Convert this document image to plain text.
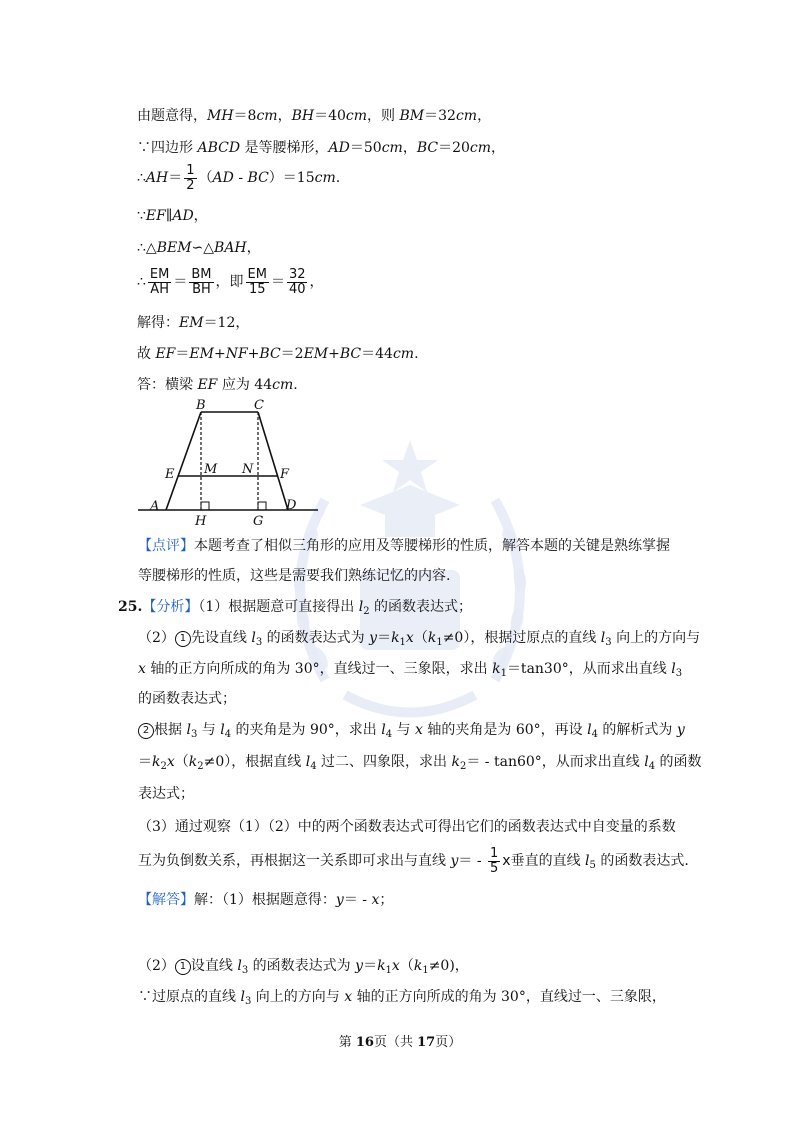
由题意得，MH＝8cm，BH＝40cm，则 BM＝32cm，
∵四边形 ABCD 是等腰梯形，AD＝50cm，BC＝20cm，
∴AH＝ $\frac{1}{2} (AD - BC)=15cm$.
∵EF∥AD，
∴△BEM∽△BAH，
∴ $\frac{EM}{AH} = \frac{BM}{BH}$ ，即 $\frac{EM}{15} = \frac{32}{40}$ ，
解得：EM＝12，
故 EF＝EM+NF+BC＝2EM+BC＝44cm.
答：横梁 EF 应为 44cm.
B	C
E M N F
A	D
H	G
【点评】本题考查了相似三角形的应用及等腰梯形的性质，解答本题的关键是熟练掌握
等腰梯形的性质，这些是需要我们熟练记忆的内容.
25.【分析】（1）根据题意可直接得出 $l_2$ 的函数表达式；
（2） 1 先设直线 $l_3$ 的函数表达式为 $y=k_1x(k_1\ne 0)$，根据过原点的直线 $l_3$ 向上的方向与
x 轴的正方向所成的角为 30°，直线过一、三象限，求出 $k_1=\tan 30^\circ$，从而求出直线 $l_3$
的函数表达式；
2 根据 $l_3$ 与 $l_4$ 的夹角是为 90°，求出 $l_4$ 与 x 轴的夹角是为 60°，再设 $l_4$ 的解析式为 y
$=k_2x(k_2\ne 0)$，根据直线 $l_4$ 过二、四象限，求出 $k_2= - \tan 60^\circ$，从而求出直线 $l_4$ 的函数
表达式；
（3）通过观察（1）（2）中的两个函数表达式可得出它们的函数表达式中自变量的系数
互为负倒数关系，再根据这一关系即可求出与直线 $y= - \frac{1}{5}$ x垂直的直线 $l_5$ 的函数表达式.
【解答】解：（1）根据题意得：y＝ - x；
（2） 1 设直线 $l_3$ 的函数表达式为 $y=k_1x(k_1\ne 0)$，
∵过原点的直线 $l_3$ 向上的方向与 x 轴的正方向所成的角为 30°，直线过一、三象限，
第 16页（共 17页）
